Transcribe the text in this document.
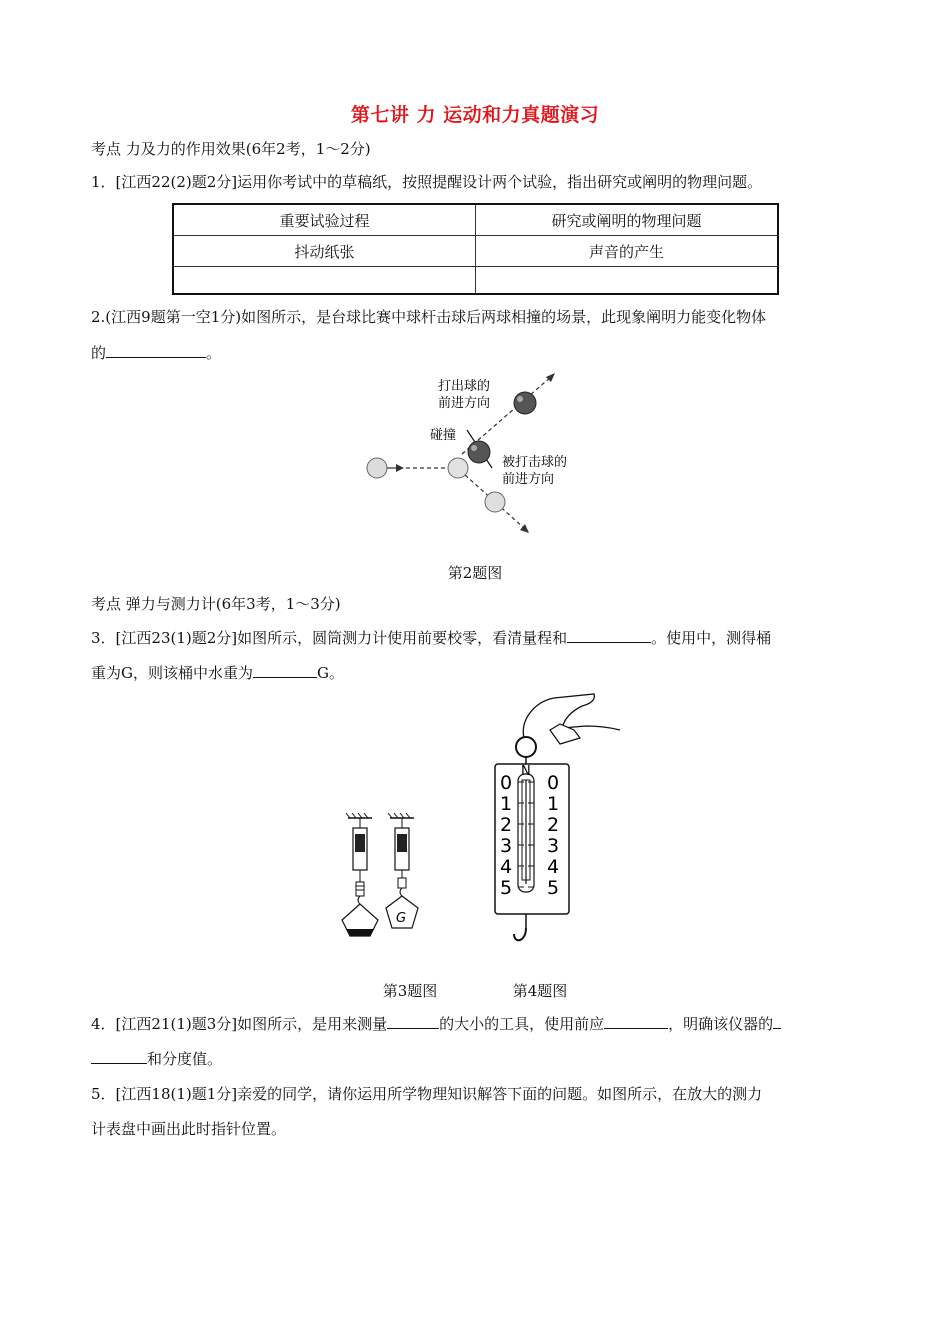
第七讲 力 运动和力真题演习
考点 力及力的作用效果(6年2考，1～2分)
1．[江西22(2)题2分]运用你考试中的草稿纸，按照提醒设计两个试验，指出研究或阐明的物理问题。
重要试验过程	研究或阐明的物理问题
抖动纸张	声音的产生

2.(江西9题第一空1分)如图所示，是台球比赛中球杆击球后两球相撞的场景，此现象阐明力能变化物体
的	。
打出球的
前进方向
碰撞
被打击球的
前进方向
第2题图
考点 弹力与测力计(6年3考，1～3分)
3．[江西23(1)题2分]如图所示，圆筒测力计使用前要校零，看清量程和	。使用中，测得桶
重为G，则该桶中水重为	G。
G
N
0
1
2
3
4
5
0
1
2
3
4
5
第3题图	第4题图
4．[江西21(1)题3分]如图所示，是用来测量	的大小的工具，使用前应	，明确该仪器的
和分度值。
5．[江西18(1)题1分]亲爱的同学，请你运用所学物理知识解答下面的问题。如图所示，在放大的测力
计表盘中画出此时指针位置。
